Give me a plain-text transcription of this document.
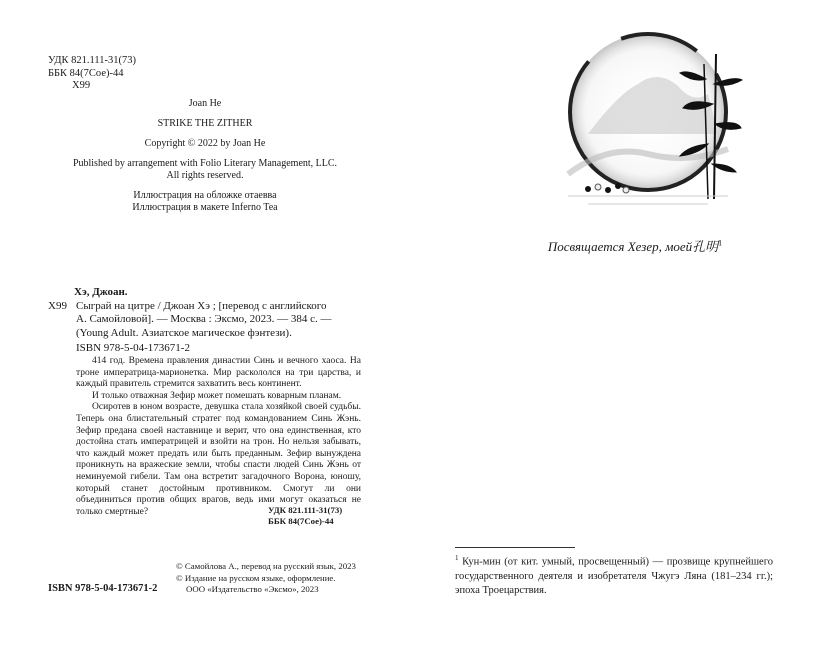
УДК 821.111-31(73)
ББК 84(7Сое)-44
Х99
Joan He
STRIKE THE ZITHER
Copyright © 2022 by Joan He
Published by arrangement with Folio Literary Management, LLC.
All rights reserved.
Иллюстрация на обложке отаевва
Иллюстрация в макете Inferno Tea
Посвящается Хезер, моей孔明$^1$
Хэ, Джоан.
Х99 Сыграй на цитре / Джоан Хэ ; [перевод с английского
А. Самойловой]. — Москва : Эксмо, 2023. — 384 с. —
(Young Adult. Азиатское магическое фэнтези).
ISBN 978-5-04-173671-2

414 год. Времена правления династии Синь и вечного хаоса. На троне императрица-марионетка. Мир раскололся на три царства, и каждый правитель стремится захватить весь континент.

И только отважная Зефир может помешать коварным планам.

Осиротев в юном возрасте, девушка стала хозяйкой своей судьбы. Теперь она блистательный стратег под командованием Синь Жэнь. Зефир предана своей наставнице и верит, что она единственная, кто достойна стать императрицей и взойти на трон. Но нельзя забывать, что каждый может предать или быть преданным. Зефир вынуждена проникнуть на вражеские земли, чтобы спасти людей Синь Жэнь от неминуемой гибели. Там она встретит загадочного Ворона, юношу, который станет достойным противником. Смогут ли они объединиться против общих врагов, ведь ими могут оказаться не только смертные?	УДК 821.111-31(73)
ББК 84(7Сое)-44
© Самойлова А., перевод на русский язык, 2023
© Издание на русском языке, оформление.
ООО «Издательство «Эксмо», 2023
ISBN 978-5-04-173671-2
$^1$ Кун-мин (от кит. умный, просвещенный) — прозвище крупнейшего государственного деятеля и изобретателя Чжугэ Ляна (181–234 гг.); эпоха Троецарствия.
